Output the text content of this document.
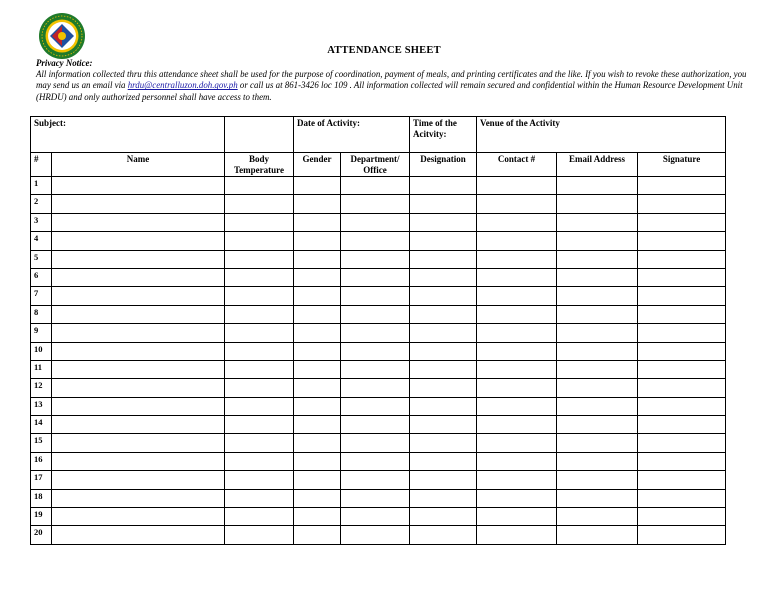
ATTENDANCE SHEET
Privacy Notice:
All information collected thru this attendance sheet shall be used for the purpose of coordination, payment of meals, and printing certificates and the like. If you wish to revoke these authorization, you may send us an email via hrdu@centralluzon.doh.gov.ph or call us at 861-3426 loc 109 . All information collected will remain secured and confidential within the Human Resource Development Unit (HRDU) and only authorized personnel shall have access to them.
Subject:			Date of Activity:		Time of the Acitvity:	Venue of the Activity		
#	Name	Body Temperature	Gender	Department/ Office	Designation	Contact #	Email Address	Signature
1								
2								
3								
4								
5								
6								
7								
8								
9								
10								
11								
12								
13								
14								
15								
16								
17								
18								
19								
20								
